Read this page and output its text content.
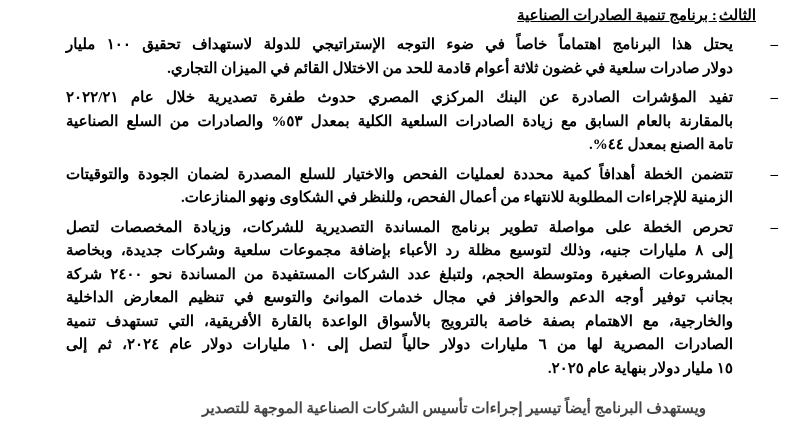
الثالث: برنامج تنمية الصادرات الصناعية
–
يحتل هذا البرنامج اهتماماً خاصاً في ضوء التوجه الإستراتيجي للدولة لاستهداف تحقيق ١٠٠ مليار
دولار صادرات سلعية في غضون ثلاثة أعوام قادمة للحد من الاختلال القائم في الميزان التجاري.
–
تفيد المؤشرات الصادرة عن البنك المركزي المصري حدوث طفرة تصديرية خلال عام ٢٠٢٢/٢١
بالمقارنة بالعام السابق مع زيادة الصادرات السلعية الكلية بمعدل ٥٣% والصادرات من السلع الصناعية
تامة الصنع بمعدل ٤٤%.
–
تتضمن الخطة أهدافاً كمية محددة لعمليات الفحص والاختيار للسلع المصدرة لضمان الجودة والتوقيتات
الزمنية للإجراءات المطلوبة للانتهاء من أعمال الفحص، وللنظر في الشكاوى ونهو المنازعات.
–
تحرص الخطة على مواصلة تطوير برنامج المساندة التصديرية للشركات، وزيادة المخصصات لتصل
إلى ٨ مليارات جنيه، وذلك لتوسيع مظلة رد الأعباء بإضافة مجموعات سلعية وشركات جديدة، وبخاصة
المشروعات الصغيرة ومتوسطة الحجم، ولتبلغ عدد الشركات المستفيدة من المساندة نحو ٢٤٠٠ شركة
بجانب توفير أوجه الدعم والحوافز في مجال خدمات الموانئ والتوسع في تنظيم المعارض الداخلية
والخارجية، مع الاهتمام بصفة خاصة بالترويج بالأسواق الواعدة بالقارة الأفريقية، التي تستهدف تنمية
الصادرات المصرية لها من ٦ مليارات دولار حالياً لتصل إلى ١٠ مليارات دولار عام ٢٠٢٤، ثم إلى
١٥ مليار دولار بنهاية عام ٢٠٢٥.
ويستهدف البرنامج أيضاً تيسير إجراءات تأسيس الشركات الصناعية الموجهة للتصدير
